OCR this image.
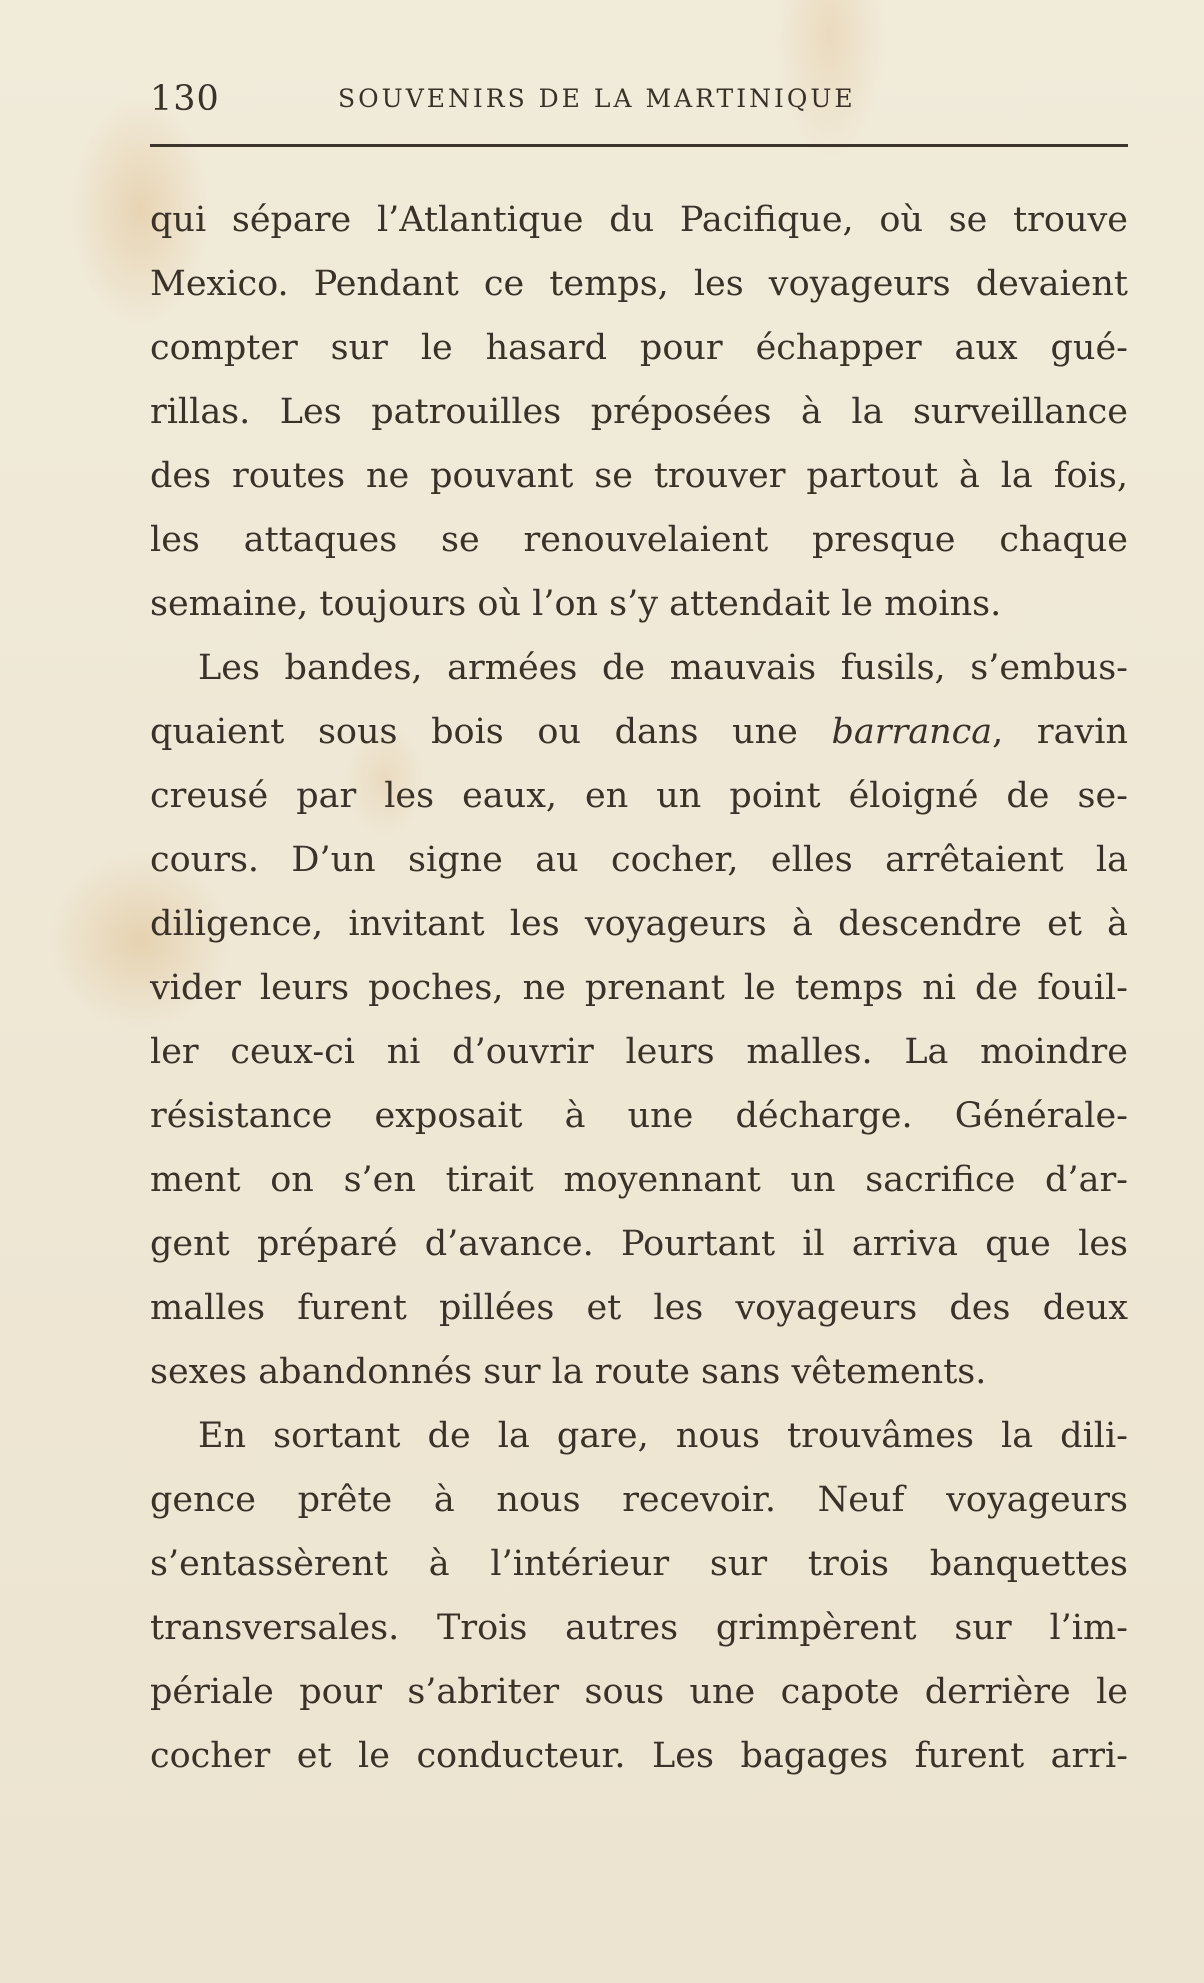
130	SOUVENIRS DE LA MARTINIQUE
qui sépare l’Atlantique du Pacifique, où se trouve
Mexico. Pendant ce temps, les voyageurs devaient
compter sur le hasard pour échapper aux gué-
rillas. Les patrouilles préposées à la surveillance
des routes ne pouvant se trouver partout à la fois,
les attaques se renouvelaient presque chaque
semaine, toujours où l’on s’y attendait le moins.
Les bandes, armées de mauvais fusils, s’embus-
quaient sous bois ou dans une barranca, ravin
creusé par les eaux, en un point éloigné de se-
cours. D’un signe au cocher, elles arrêtaient la
diligence, invitant les voyageurs à descendre et à
vider leurs poches, ne prenant le temps ni de fouil-
ler ceux-ci ni d’ouvrir leurs malles. La moindre
résistance exposait à une décharge. Générale-
ment on s’en tirait moyennant un sacrifice d’ar-
gent préparé d’avance. Pourtant il arriva que les
malles furent pillées et les voyageurs des deux
sexes abandonnés sur la route sans vêtements.
En sortant de la gare, nous trouvâmes la dili-
gence prête à nous recevoir. Neuf voyageurs
s’entassèrent à l’intérieur sur trois banquettes
transversales. Trois autres grimpèrent sur l’im-
périale pour s’abriter sous une capote derrière le
cocher et le conducteur. Les bagages furent arri-
